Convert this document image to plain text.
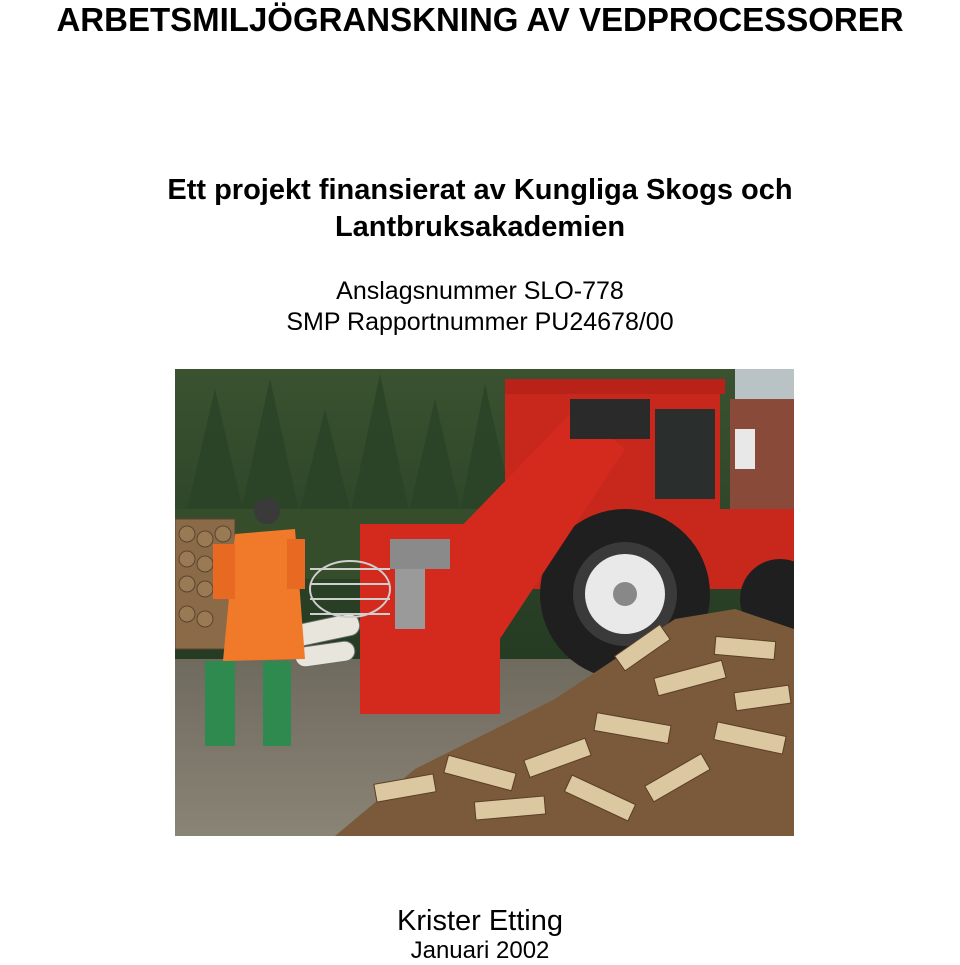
ARBETSMILJÖGRANSKNING AV VEDPROCESSORER
Ett projekt finansierat av Kungliga Skogs och
Lantbruksakademien
Anslagsnummer SLO-778
SMP Rapportnummer PU24678/00
Krister Etting
Januari 2002
